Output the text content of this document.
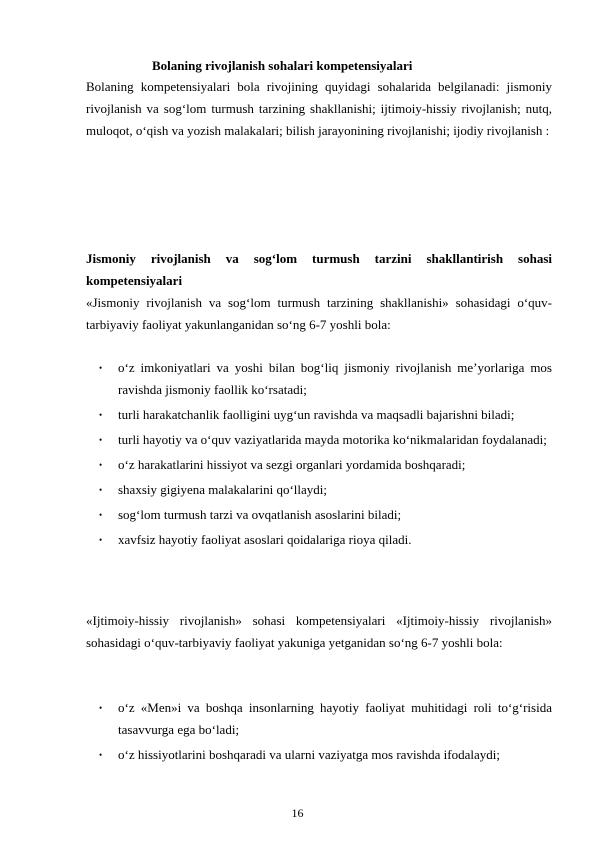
Bolaning rivojlanish sohalari kompetensiyalari

Bolaning kompetensiyalari bola rivojining quyidagi sohalarida belgilanadi: jismoniy rivojlanish va sog‘lom turmush tarzining shakllanishi; ijtimoiy-hissiy rivojlanish; nutq, muloqot, o‘qish va yozish malakalari; bilish jarayonining rivojlanishi; ijodiy rivojlanish :

Jismoniy rivojlanish va sog‘lom turmush tarzini shakllantirish sohasi kompetensiyalari

«Jismoniy rivojlanish va sog‘lom turmush tarzining shakllanishi» sohasidagi o‘quv-tarbiyaviy faoliyat yakunlanganidan so‘ng 6-7 yoshli bola:

• o‘z imkoniyatlari va yoshi bilan bog‘liq jismoniy rivojlanish me’yorlariga mos ravishda jismoniy faollik ko‘rsatadi;
• turli harakatchanlik faolligini uyg‘un ravishda va maqsadli bajarishni biladi;
• turli hayotiy va o‘quv vaziyatlarida mayda motorika ko‘nikmalaridan foydalanadi;
• o‘z harakatlarini hissiyot va sezgi organlari yordamida boshqaradi;
• shaxsiy gigiyena malakalarini qo‘llaydi;
• sog‘lom turmush tarzi va ovqatlanish asoslarini biladi;
• xavfsiz hayotiy faoliyat asoslari qoidalariga rioya qiladi.

«Ijtimoiy-hissiy rivojlanish» sohasi kompetensiyalari «Ijtimoiy-hissiy rivojlanish» sohasidagi o‘quv-tarbiyaviy faoliyat yakuniga yetganidan so‘ng 6-7 yoshli bola:

• o‘z «Men»i va boshqa insonlarning hayotiy faoliyat muhitidagi roli to‘g‘risida tasavvurga ega bo‘ladi;
• o‘z hissiyotlarini boshqaradi va ularni vaziyatga mos ravishda ifodalaydi;
16
